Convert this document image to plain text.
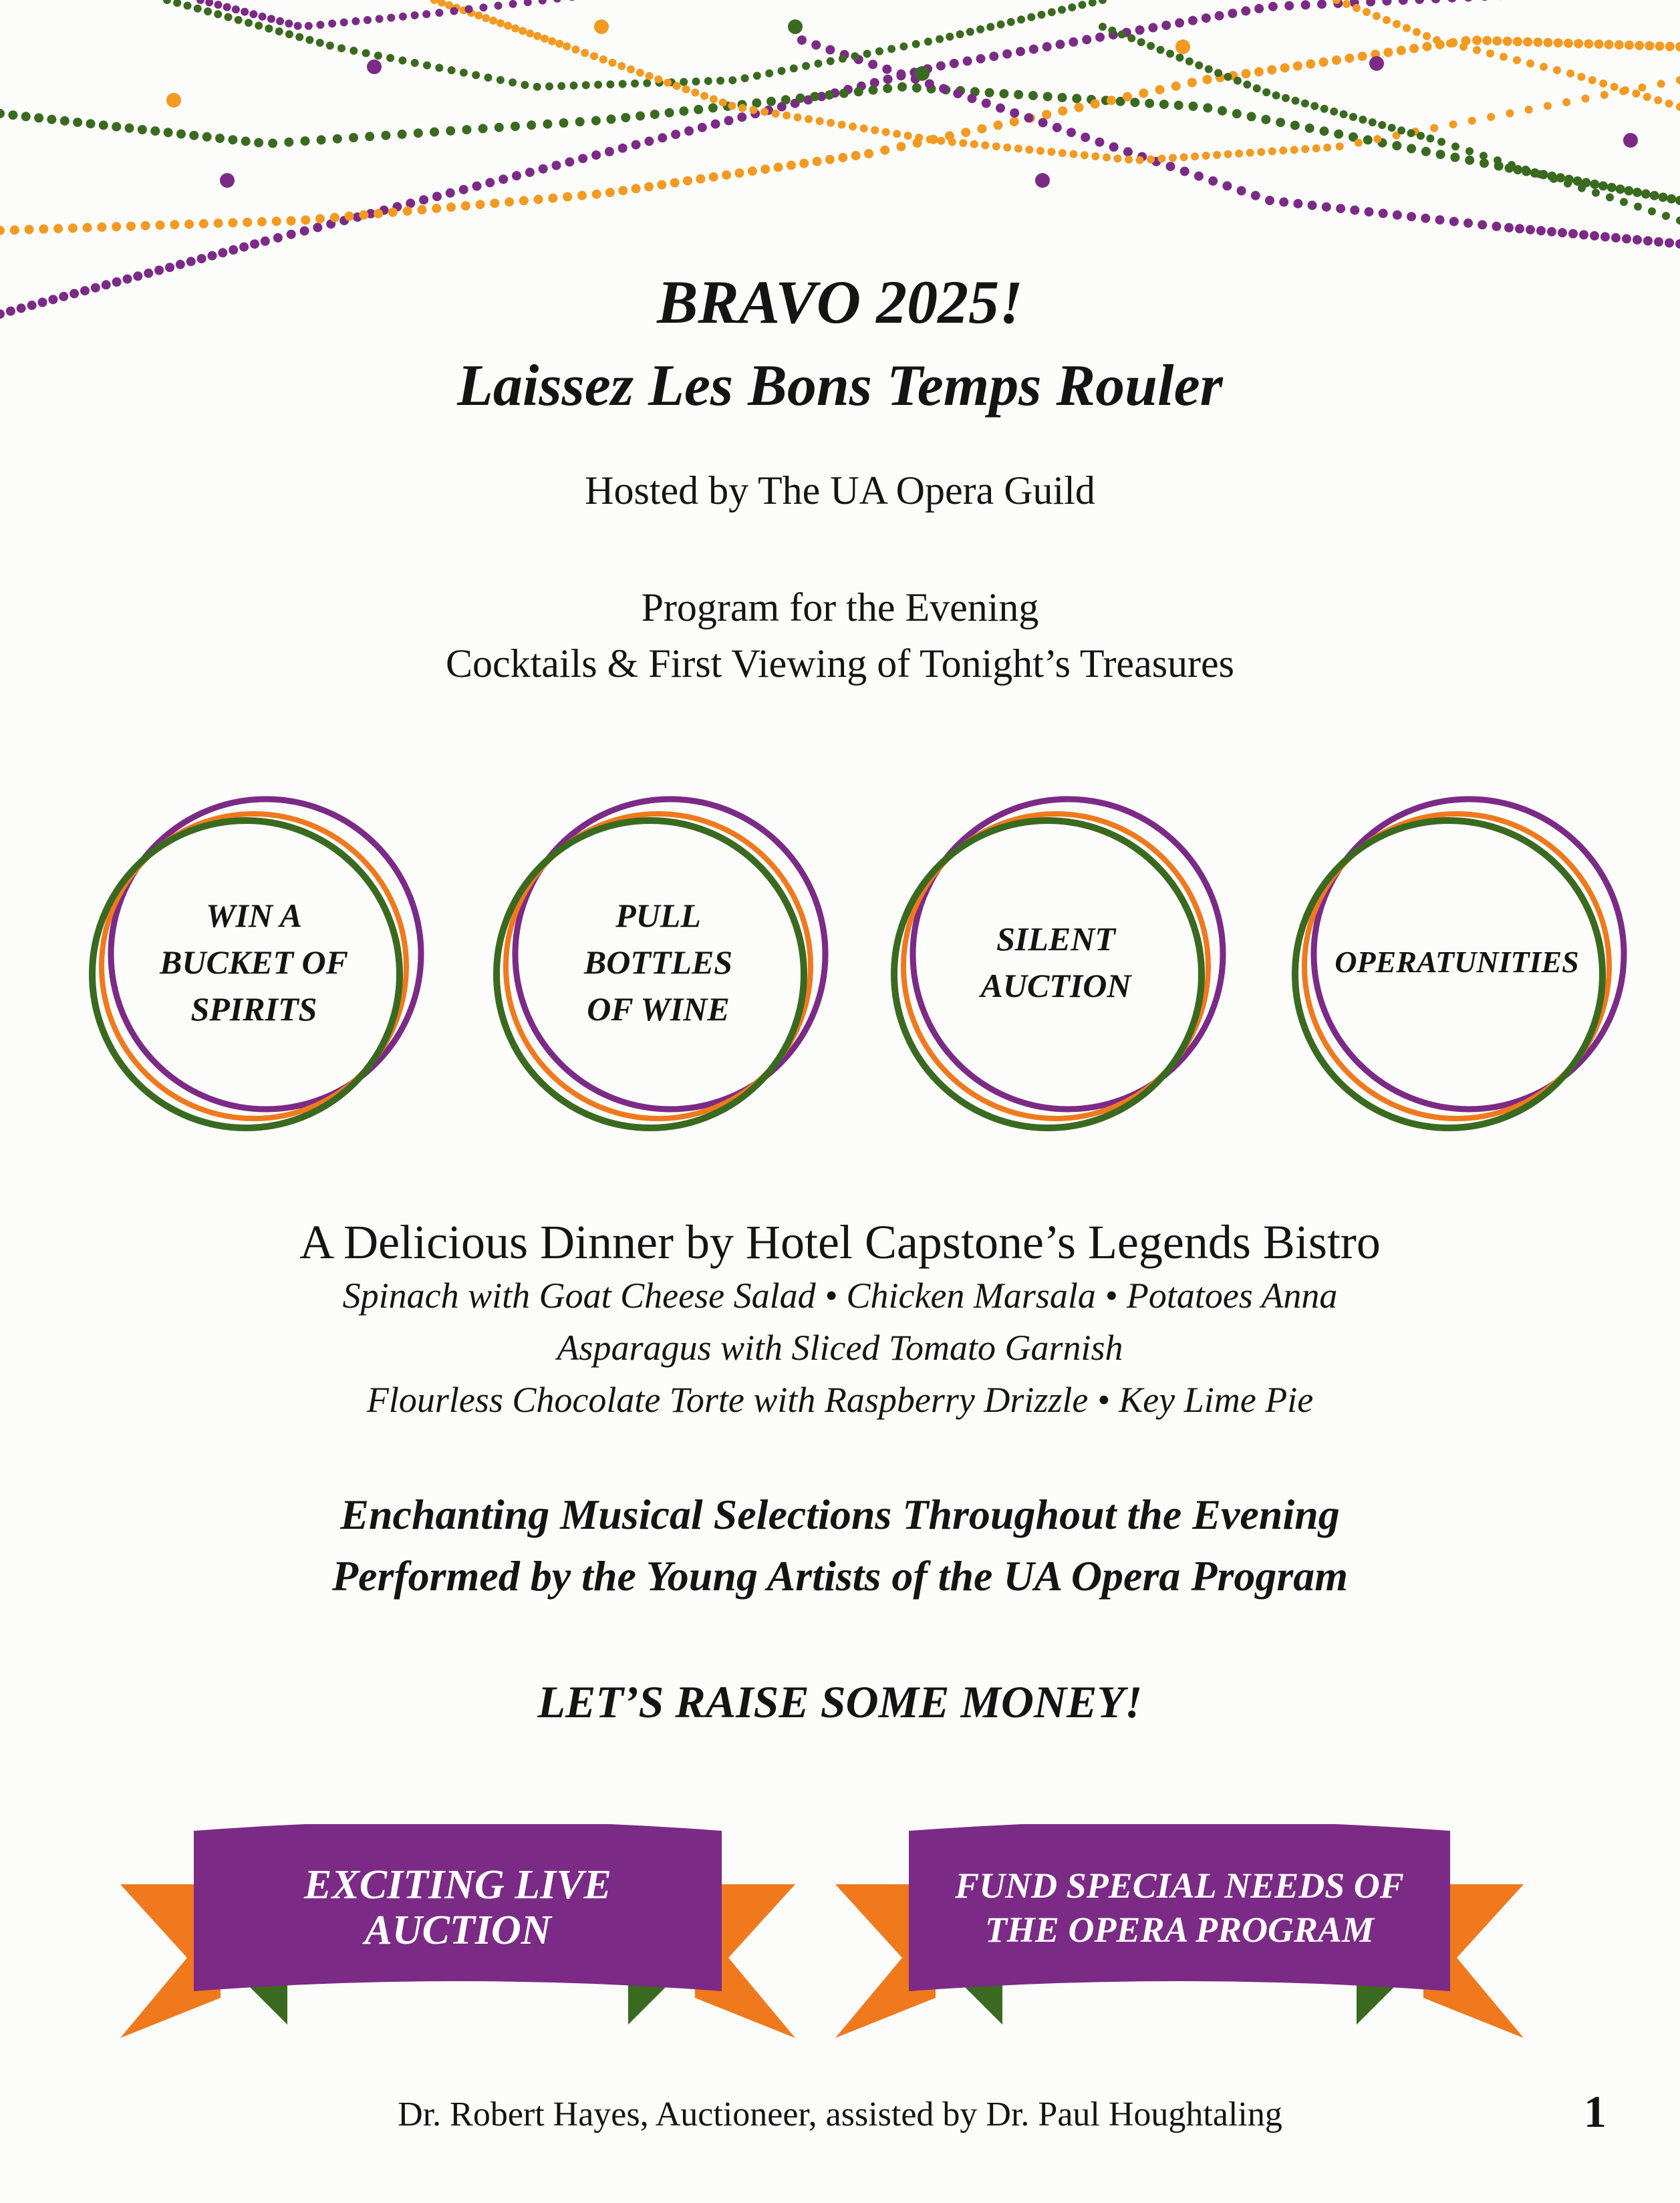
BRAVO 2025!
Laissez Les Bons Temps Rouler
Hosted by The UA Opera Guild
Program for the Evening
Cocktails & First Viewing of Tonight’s Treasures
WIN A
BUCKET OF
SPIRITS
PULL
BOTTLES
OF WINE
SILENT
AUCTION
OPERATUNITIES
A Delicious Dinner by Hotel Capstone’s Legends Bistro
Spinach with Goat Cheese Salad • Chicken Marsala • Potatoes Anna
Asparagus with Sliced Tomato Garnish
Flourless Chocolate Torte with Raspberry Drizzle • Key Lime Pie
Enchanting Musical Selections Throughout the Evening
Performed by the Young Artists of the UA Opera Program
LET’S RAISE SOME MONEY!
EXCITING LIVE
AUCTION
FUND SPECIAL NEEDS OF
THE OPERA PROGRAM
Dr. Robert Hayes, Auctioneer, assisted by Dr. Paul Houghtaling	1
